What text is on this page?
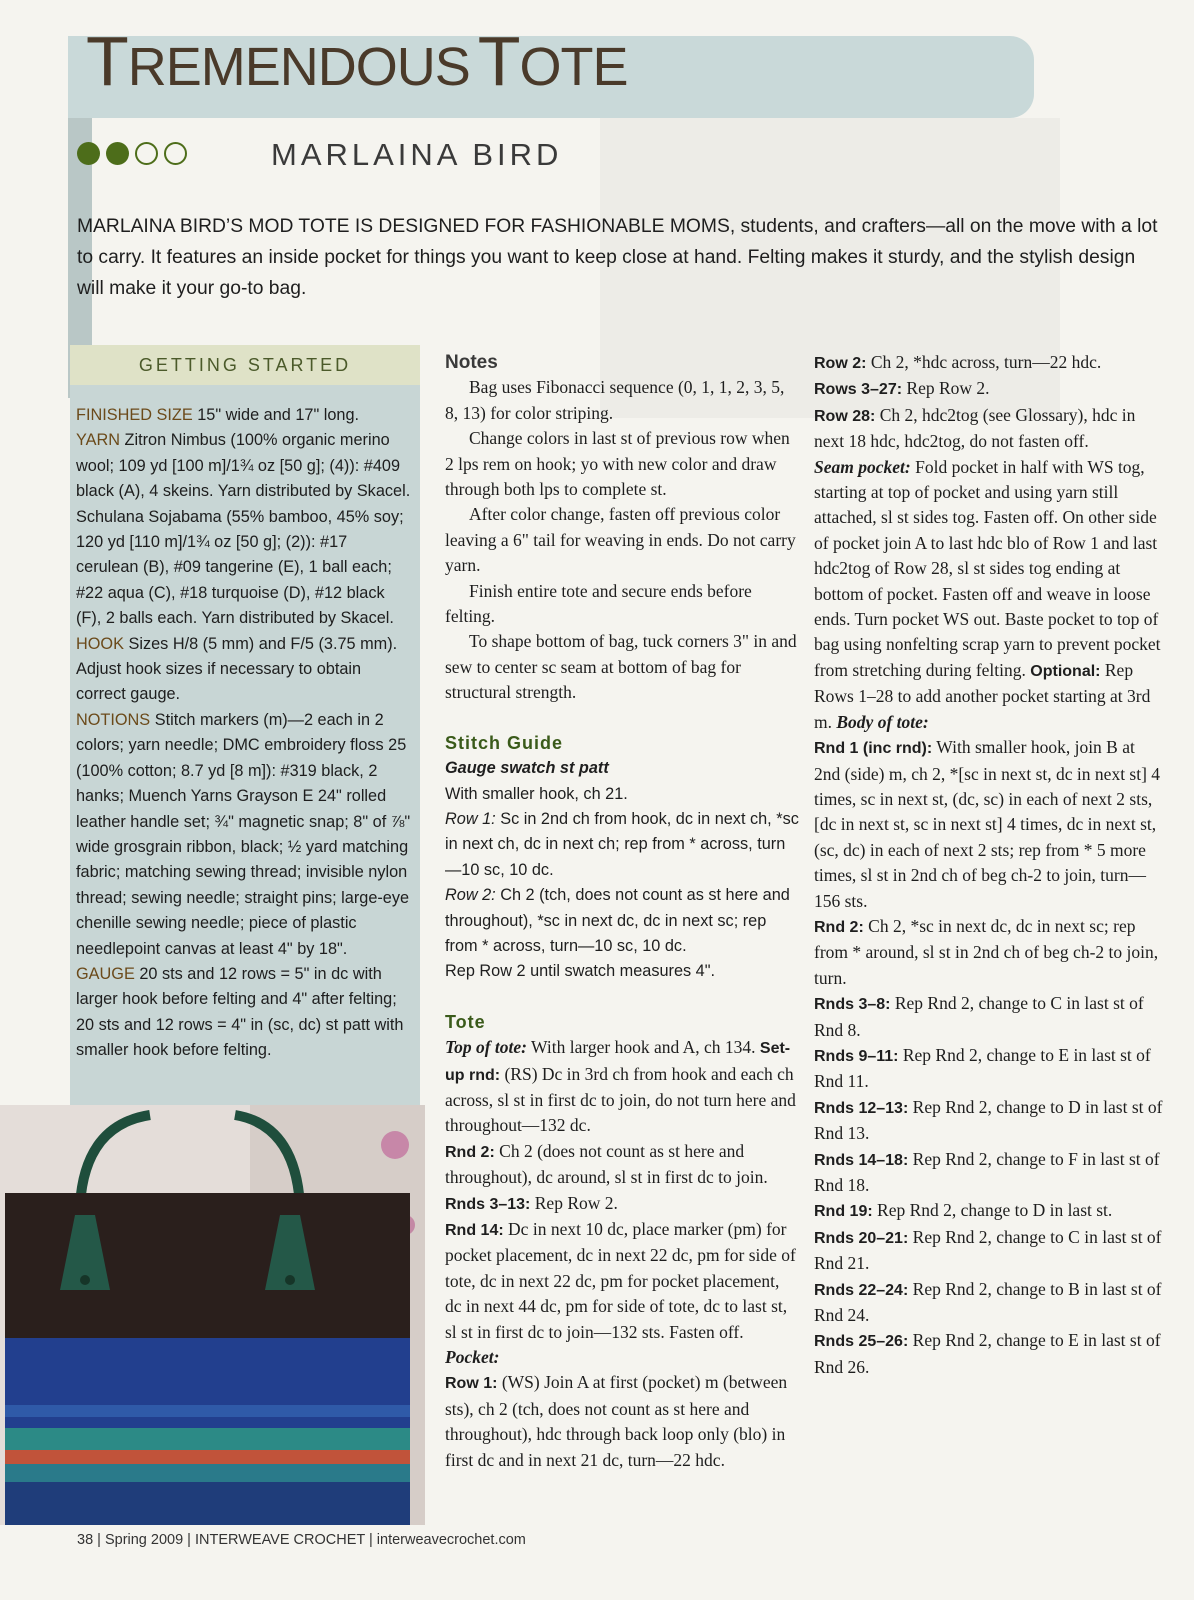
TREMENDOUS TOTE
MARLAINA BIRD

MARLAINA BIRD’S MOD TOTE IS DESIGNED FOR FASHIONABLE MOMS, students, and crafters—all on the move with a lot to carry. It features an inside pocket for things you want to keep close at hand. Felting makes it sturdy, and the stylish design will make it your go-to bag.

GETTING STARTED

FINISHED SIZE 15" wide and 17" long.
YARN Zitron Nimbus (100% organic merino wool; 109 yd [100 m]/1¾ oz [50 g]; (4)): #409 black (A), 4 skeins. Yarn distributed by Skacel. Schulana Sojabama (55% bamboo, 45% soy; 120 yd [110 m]/1¾ oz [50 g]; (2)): #17 cerulean (B), #09 tangerine (E), 1 ball each; #22 aqua (C), #18 turquoise (D), #12 black (F), 2 balls each. Yarn distributed by Skacel.
HOOK Sizes H/8 (5 mm) and F/5 (3.75 mm). Adjust hook sizes if necessary to obtain correct gauge.
NOTIONS Stitch markers (m)—2 each in 2 colors; yarn needle; DMC embroidery floss 25 (100% cotton; 8.7 yd [8 m]): #319 black, 2 hanks; Muench Yarns Grayson E 24" rolled leather handle set; ¾" magnetic snap; 8" of ⅞" wide grosgrain ribbon, black; ½ yard matching fabric; matching sewing thread; invisible nylon thread; sewing needle; straight pins; large-eye chenille sewing needle; piece of plastic needlepoint canvas at least 4" by 18".
GAUGE 20 sts and 12 rows = 5" in dc with larger hook before felting and 4" after felting; 20 sts and 12 rows = 4" in (sc, dc) st patt with smaller hook before felting.

Notes

Bag uses Fibonacci sequence (0, 1, 1, 2, 3, 5, 8, 13) for color striping.

Change colors in last st of previous row when 2 lps rem on hook; yo with new color and draw through both lps to complete st.

After color change, fasten off previous color leaving a 6" tail for weaving in ends. Do not carry yarn.

Finish entire tote and secure ends before felting.

To shape bottom of bag, tuck corners 3" in and sew to center sc seam at bottom of bag for structural strength.

Stitch Guide

Gauge swatch st patt

With smaller hook, ch 21.

Row 1: Sc in 2nd ch from hook, dc in next ch, *sc in next ch, dc in next ch; rep from * across, turn—10 sc, 10 dc.

Row 2: Ch 2 (tch, does not count as st here and throughout), *sc in next dc, dc in next sc; rep from * across, turn—10 sc, 10 dc.

Rep Row 2 until swatch measures 4".

Tote

Top of tote: With larger hook and A, ch 134. Set-up rnd: (RS) Dc in 3rd ch from hook and each ch across, sl st in first dc to join, do not turn here and throughout—132 dc.

Rnd 2: Ch 2 (does not count as st here and throughout), dc around, sl st in first dc to join.

Rnds 3–13: Rep Row 2.

Rnd 14: Dc in next 10 dc, place marker (pm) for pocket placement, dc in next 22 dc, pm for side of tote, dc in next 22 dc, pm for pocket placement, dc in next 44 dc, pm for side of tote, dc to last st, sl st in first dc to join—132 sts. Fasten off.

Pocket:

Row 1: (WS) Join A at first (pocket) m (between sts), ch 2 (tch, does not count as st here and throughout), hdc through back loop only (blo) in first dc and in next 21 dc, turn—22 hdc.

Row 2: Ch 2, *hdc across, turn—22 hdc.

Rows 3–27: Rep Row 2.

Row 28: Ch 2, hdc2tog (see Glossary), hdc in next 18 hdc, hdc2tog, do not fasten off.

Seam pocket: Fold pocket in half with WS tog, starting at top of pocket and using yarn still attached, sl st sides tog. Fasten off. On other side of pocket join A to last hdc blo of Row 1 and last hdc2tog of Row 28, sl st sides tog ending at bottom of pocket. Fasten off and weave in loose ends. Turn pocket WS out. Baste pocket to top of bag using nonfelting scrap yarn to prevent pocket from stretching during felting. Optional: Rep Rows 1–28 to add another pocket starting at 3rd m. Body of tote:

Rnd 1 (inc rnd): With smaller hook, join B at 2nd (side) m, ch 2, *[sc in next st, dc in next st] 4 times, sc in next st, (dc, sc) in each of next 2 sts, [dc in next st, sc in next st] 4 times, dc in next st, (sc, dc) in each of next 2 sts; rep from * 5 more times, sl st in 2nd ch of beg ch-2 to join, turn—156 sts.

Rnd 2: Ch 2, *sc in next dc, dc in next sc; rep from * around, sl st in 2nd ch of beg ch-2 to join, turn.

Rnds 3–8: Rep Rnd 2, change to C in last st of Rnd 8.

Rnds 9–11: Rep Rnd 2, change to E in last st of Rnd 11.

Rnds 12–13: Rep Rnd 2, change to D in last st of Rnd 13.

Rnds 14–18: Rep Rnd 2, change to F in last st of Rnd 18.

Rnd 19: Rep Rnd 2, change to D in last st.

Rnds 20–21: Rep Rnd 2, change to C in last st of Rnd 21.

Rnds 22–24: Rep Rnd 2, change to B in last st of Rnd 24.

Rnds 25–26: Rep Rnd 2, change to E in last st of Rnd 26.

38 | Spring 2009 | INTERWEAVE CROCHET | interweavecrochet.com
